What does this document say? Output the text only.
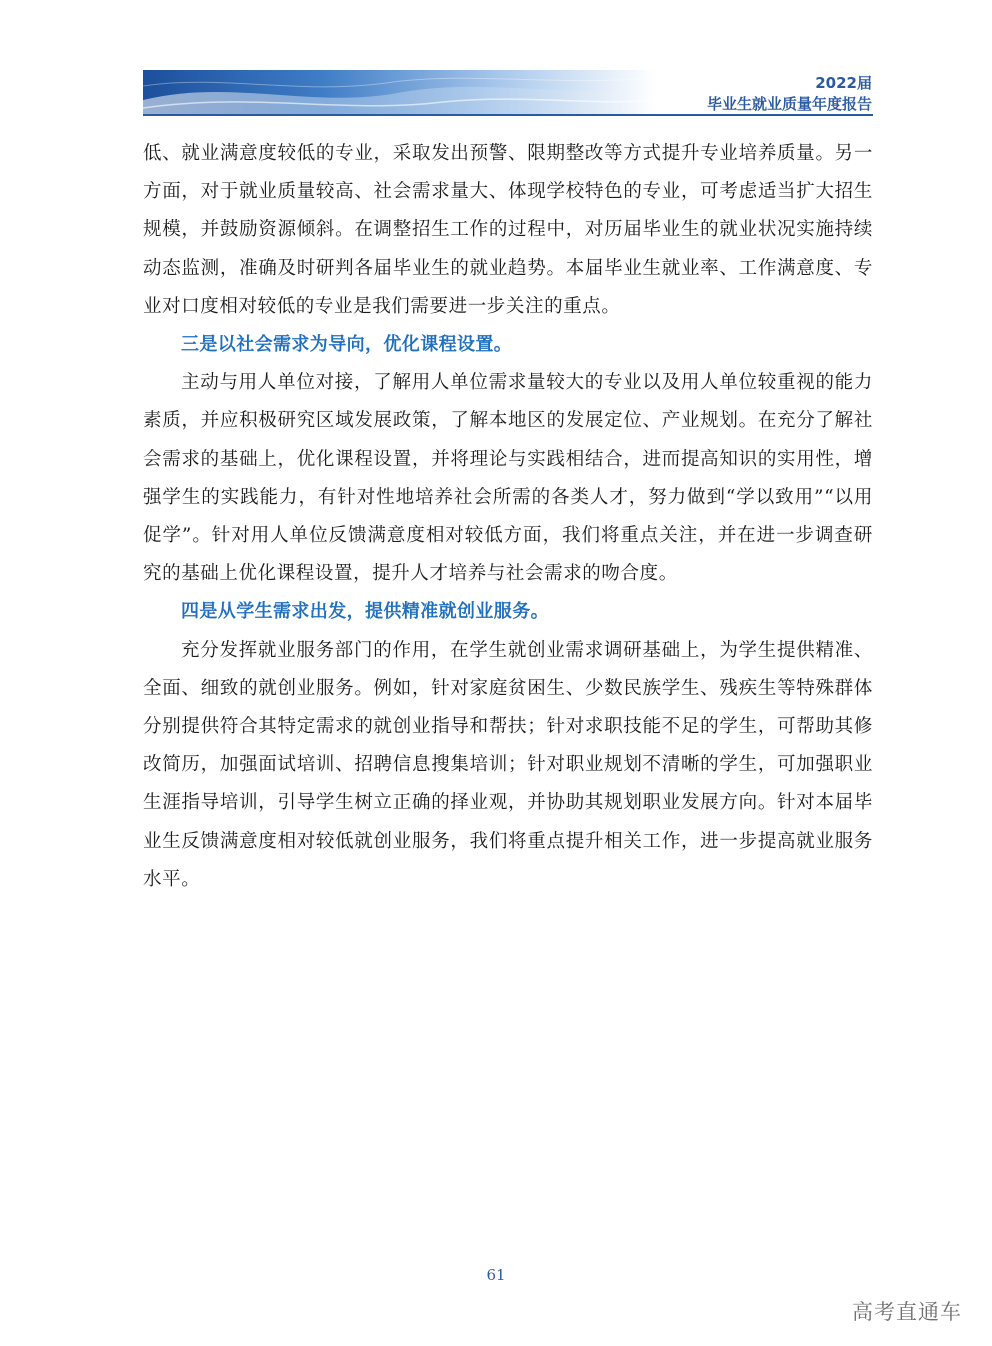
2022届
毕业生就业质量年度报告

低、就业满意度较低的专业，采取发出预警、限期整改等方式提升专业培养质量。另一方面，对于就业质量较高、社会需求量大、体现学校特色的专业，可考虑适当扩大招生规模，并鼓励资源倾斜。在调整招生工作的过程中，对历届毕业生的就业状况实施持续动态监测，准确及时研判各届毕业生的就业趋势。本届毕业生就业率、工作满意度、专业对口度相对较低的专业是我们需要进一步关注的重点。

三是以社会需求为导向，优化课程设置。

主动与用人单位对接，了解用人单位需求量较大的专业以及用人单位较重视的能力素质，并应积极研究区域发展政策，了解本地区的发展定位、产业规划。在充分了解社会需求的基础上，优化课程设置，并将理论与实践相结合，进而提高知识的实用性，增强学生的实践能力，有针对性地培养社会所需的各类人才，努力做到“学以致用”“以用促学”。针对用人单位反馈满意度相对较低方面，我们将重点关注，并在进一步调查研究的基础上优化课程设置，提升人才培养与社会需求的吻合度。

四是从学生需求出发，提供精准就创业服务。

充分发挥就业服务部门的作用，在学生就创业需求调研基础上，为学生提供精准、全面、细致的就创业服务。例如，针对家庭贫困生、少数民族学生、残疾生等特殊群体分别提供符合其特定需求的就创业指导和帮扶；针对求职技能不足的学生，可帮助其修改简历，加强面试培训、招聘信息搜集培训；针对职业规划不清晰的学生，可加强职业生涯指导培训，引导学生树立正确的择业观，并协助其规划职业发展方向。针对本届毕业生反馈满意度相对较低就创业服务，我们将重点提升相关工作，进一步提高就业服务水平。

61
高考直通车
